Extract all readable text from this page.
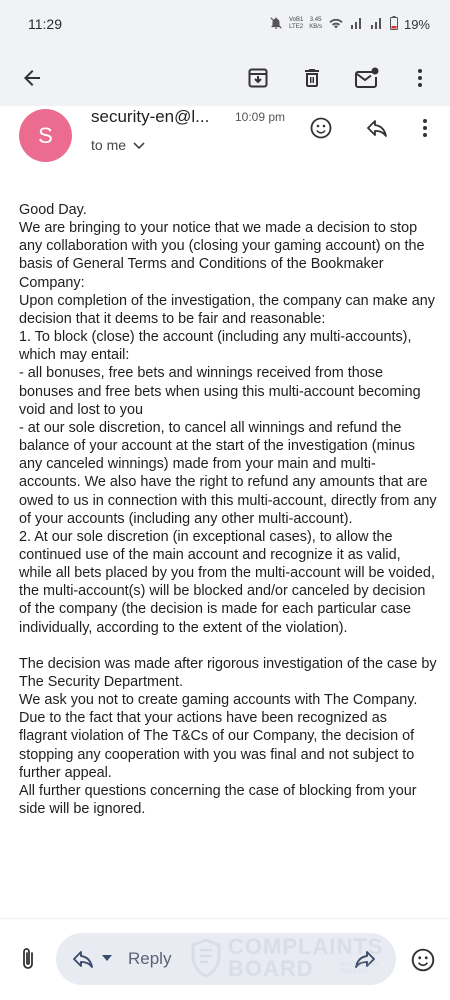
11:29	VoB1
LTE2
3.45
KB/s	19%
S
security-en@l...	10:09 pm
to me

Good Day.
We are bringing to your notice that we made a decision to stop any collaboration with you (closing your gaming account) on the basis of General Terms and Conditions of the Bookmaker Company:
Upon completion of the investigation, the company can make any decision that it deems to be fair and reasonable:
1. To block (close) the account (including any multi-accounts), which may entail:
- all bonuses, free bets and winnings received from those bonuses and free bets when using this multi-account becoming void and lost to you
- at our sole discretion, to cancel all winnings and refund the balance of your account at the start of the investigation (minus any canceled winnings) made from your main and multi-accounts. We also have the right to refund any amounts that are owed to us in connection with this multi-account, directly from any of your accounts (including any other multi-account).
2. At our sole discretion (in exceptional cases), to allow the continued use of the main account and recognize it as valid, while all bets placed by you from the multi-account will be voided, the multi-account(s) will be blocked and/or canceled by decision of the company (the decision is made for each particular case individually, according to the extent of the violation).

The decision was made after rigorous investigation of the case by The Security Department.
We ask you not to create gaming accounts with The Company.
Due to the fact that your actions have been recognized as flagrant violation of The T&Cs of our Company, the decision of stopping any cooperation with you was final and not subject to further appeal.
All further questions concerning the case of blocking from your side will be ignored.

Reply	COMPLAINTS
BOARD	RESOLVE ANY
PROBLEM
